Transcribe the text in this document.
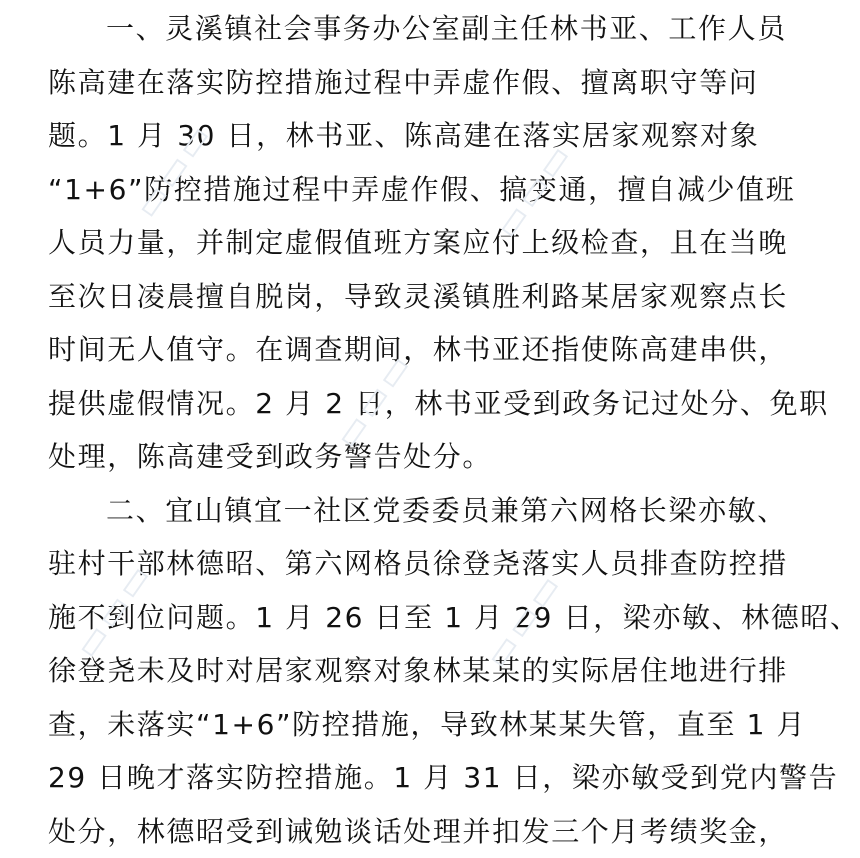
一、灵溪镇社会事务办公室副主任林书亚、工作人员
陈高建在落实防控措施过程中弄虚作假、擅离职守等问
题。1 月 30 日，林书亚、陈高建在落实居家观察对象
“1+6”防控措施过程中弄虚作假、搞变通，擅自减少值班
人员力量，并制定虚假值班方案应付上级检查，且在当晚
至次日凌晨擅自脱岗，导致灵溪镇胜利路某居家观察点长
时间无人值守。在调查期间，林书亚还指使陈高建串供，
提供虚假情况。2 月 2 日，林书亚受到政务记过处分、免职
处理，陈高建受到政务警告处分。
二、宜山镇宜一社区党委委员兼第六网格长梁亦敏、
驻村干部林德昭、第六网格员徐登尧落实人员排查防控措
施不到位问题。1 月 26 日至 1 月 29 日，梁亦敏、林德昭、
徐登尧未及时对居家观察对象林某某的实际居住地进行排
查，未落实“1+6”防控措施，导致林某某失管，直至 1 月
29 日晚才落实防控措施。1 月 31 日，梁亦敏受到党内警告
处分，林德昭受到诫勉谈话处理并扣发三个月考绩奖金，
▭▭▭	▭▭▭
▭▭▭
▭▭▭	▭▭▭
